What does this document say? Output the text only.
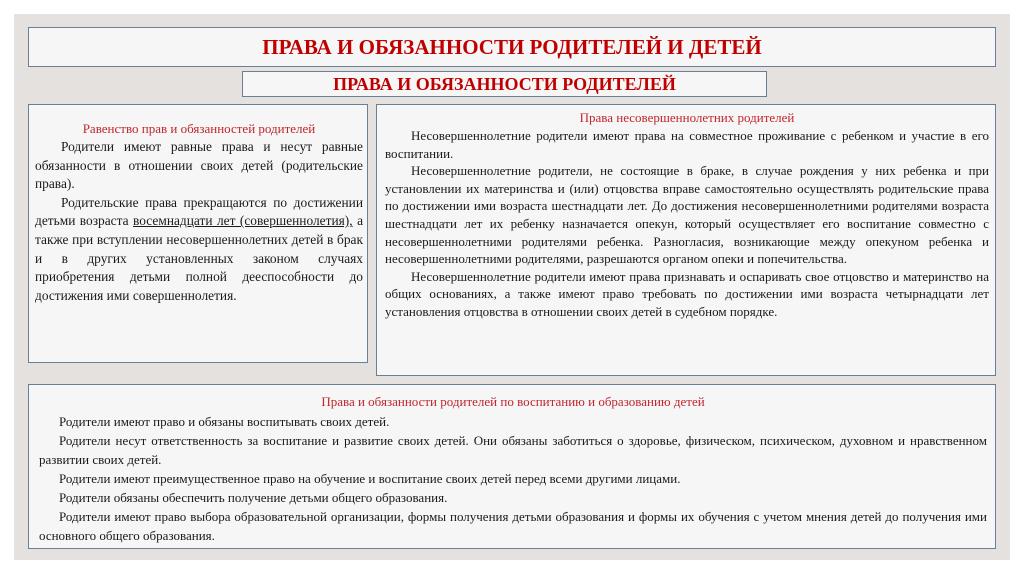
ПРАВА И ОБЯЗАННОСТИ РОДИТЕЛЕЙ И ДЕТЕЙ
ПРАВА И ОБЯЗАННОСТИ РОДИТЕЛЕЙ
Равенство прав и обязанностей родителей

Родители имеют равные права и несут равные обязанности в отношении своих детей (родительские права).

Родительские права прекращаются по достижении детьми возраста восемнадцати лет (совершеннолетия), а также при вступлении несовершеннолетних детей в брак и в других установленных законом случаях приобретения детьми полной дееспособности до достижения ими совершеннолетия.

Права несовершеннолетних родителей

Несовершеннолетние родители имеют права на совместное проживание с ребенком и участие в его воспитании.

Несовершеннолетние родители, не состоящие в браке, в случае рождения у них ребенка и при установлении их материнства и (или) отцовства вправе самостоятельно осуществлять родительские права по достижении ими возраста шестнадцати лет. До достижения несовершеннолетними родителями возраста шестнадцати лет их ребенку назначается опекун, который осуществляет его воспитание совместно с несовершеннолетними родителями ребенка. Разногласия, возникающие между опекуном ребенка и несовершеннолетними родителями, разрешаются органом опеки и попечительства.

Несовершеннолетние родители имеют права признавать и оспаривать свое отцовство и материнство на общих основаниях, а также имеют право требовать по достижении ими возраста четырнадцати лет установления отцовства в отношении своих детей в судебном порядке.

Права и обязанности родителей по воспитанию и образованию детей

Родители имеют право и обязаны воспитывать своих детей.

Родители несут ответственность за воспитание и развитие своих детей. Они обязаны заботиться о здоровье, физическом, психическом, духовном и нравственном развитии своих детей.

Родители имеют преимущественное право на обучение и воспитание своих детей перед всеми другими лицами.

Родители обязаны обеспечить получение детьми общего образования.

Родители имеют право выбора образовательной организации, формы получения детьми образования и формы их обучения с учетом мнения детей до получения ими основного общего образования.
